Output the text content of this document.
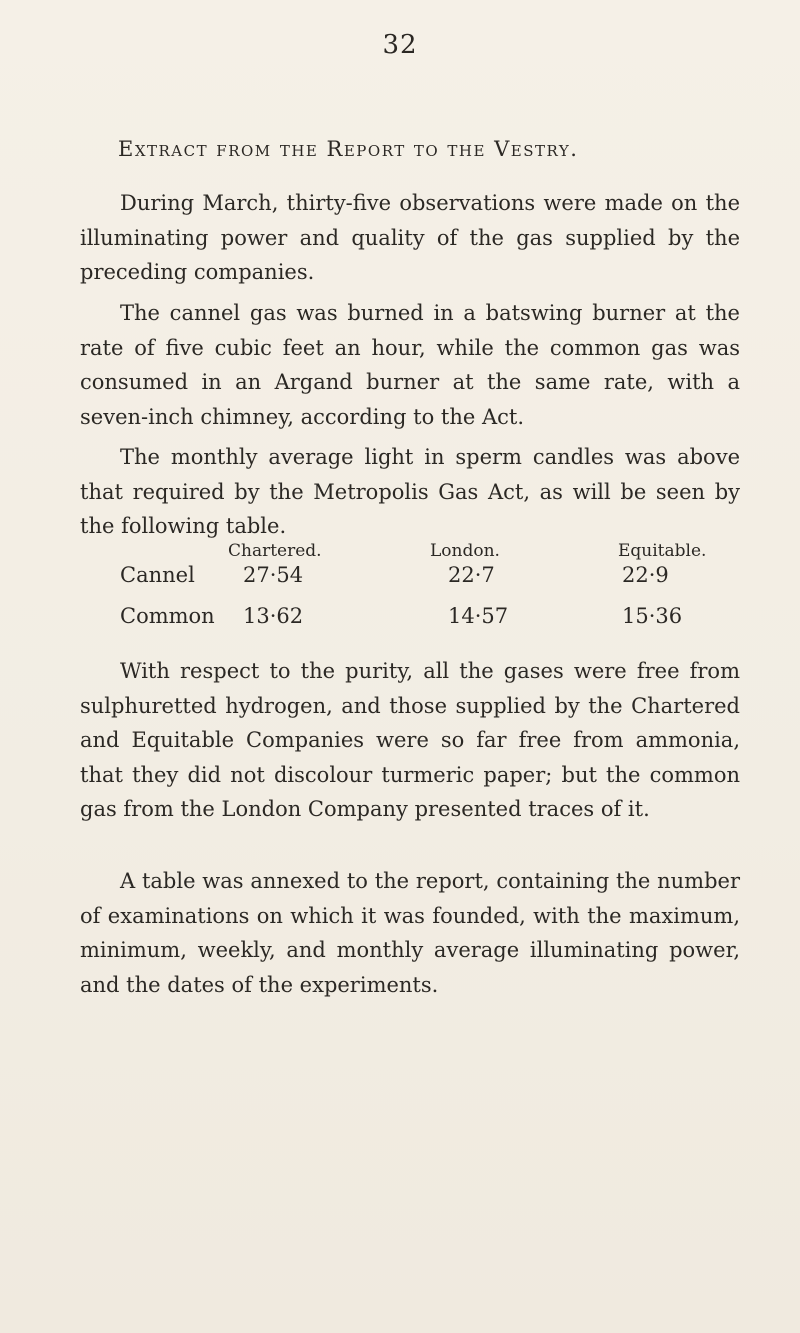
32
Extract from the Report to the Vestry.

During March, thirty-five observations were made on the illuminating power and quality of the gas supplied by the preceding companies.

The cannel gas was burned in a batswing burner at the rate of five cubic feet an hour, while the common gas was consumed in an Argand burner at the same rate, with a seven-inch chimney, according to the Act.

The monthly average light in sperm candles was above that required by the Metropolis Gas Act, as will be seen by the following table.

Chartered.	London.	Equitable.
Cannel 27·54	22·7	22·9
Common 13·62	14·57	15·36

With respect to the purity, all the gases were free from sulphuretted hydrogen, and those supplied by the Chartered and Equitable Companies were so far free from ammonia, that they did not discolour turmeric paper; but the common gas from the London Company presented traces of it.

A table was annexed to the report, containing the number of examinations on which it was founded, with the maximum, minimum, weekly, and monthly average illuminating power, and the dates of the experiments.
